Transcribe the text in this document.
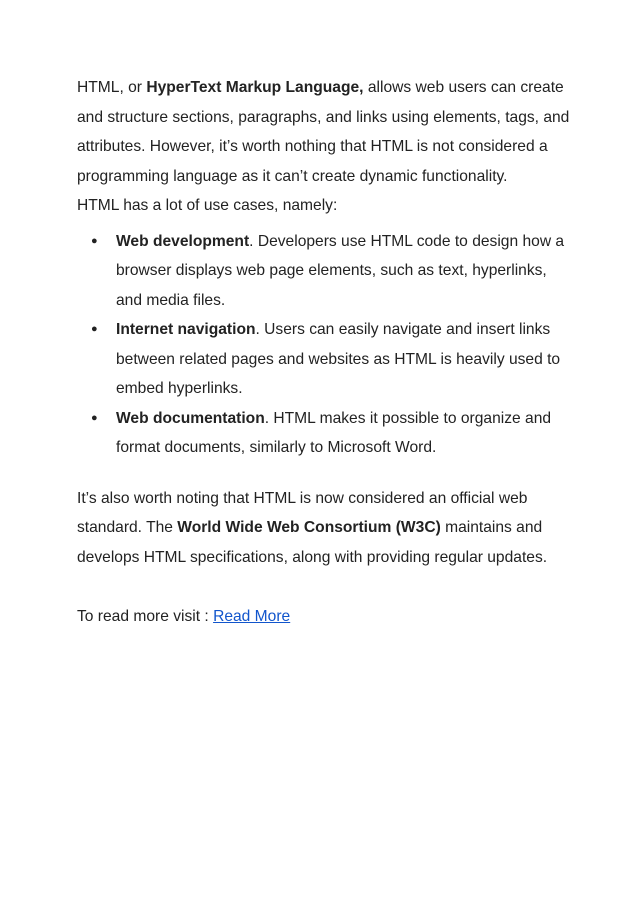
HTML, or HyperText Markup Language, allows web users can create and structure sections, paragraphs, and links using elements, tags, and attributes. However, it’s worth nothing that HTML is not considered a programming language as it can’t create dynamic functionality.

HTML has a lot of use cases, namely:

● Web development. Developers use HTML code to design how a browser displays web page elements, such as text, hyperlinks, and media files.
● Internet navigation. Users can easily navigate and insert links between related pages and websites as HTML is heavily used to embed hyperlinks.
● Web documentation. HTML makes it possible to organize and format documents, similarly to Microsoft Word.

It’s also worth noting that HTML is now considered an official web standard. The World Wide Web Consortium (W3C) maintains and develops HTML specifications, along with providing regular updates.

To read more visit : Read More
